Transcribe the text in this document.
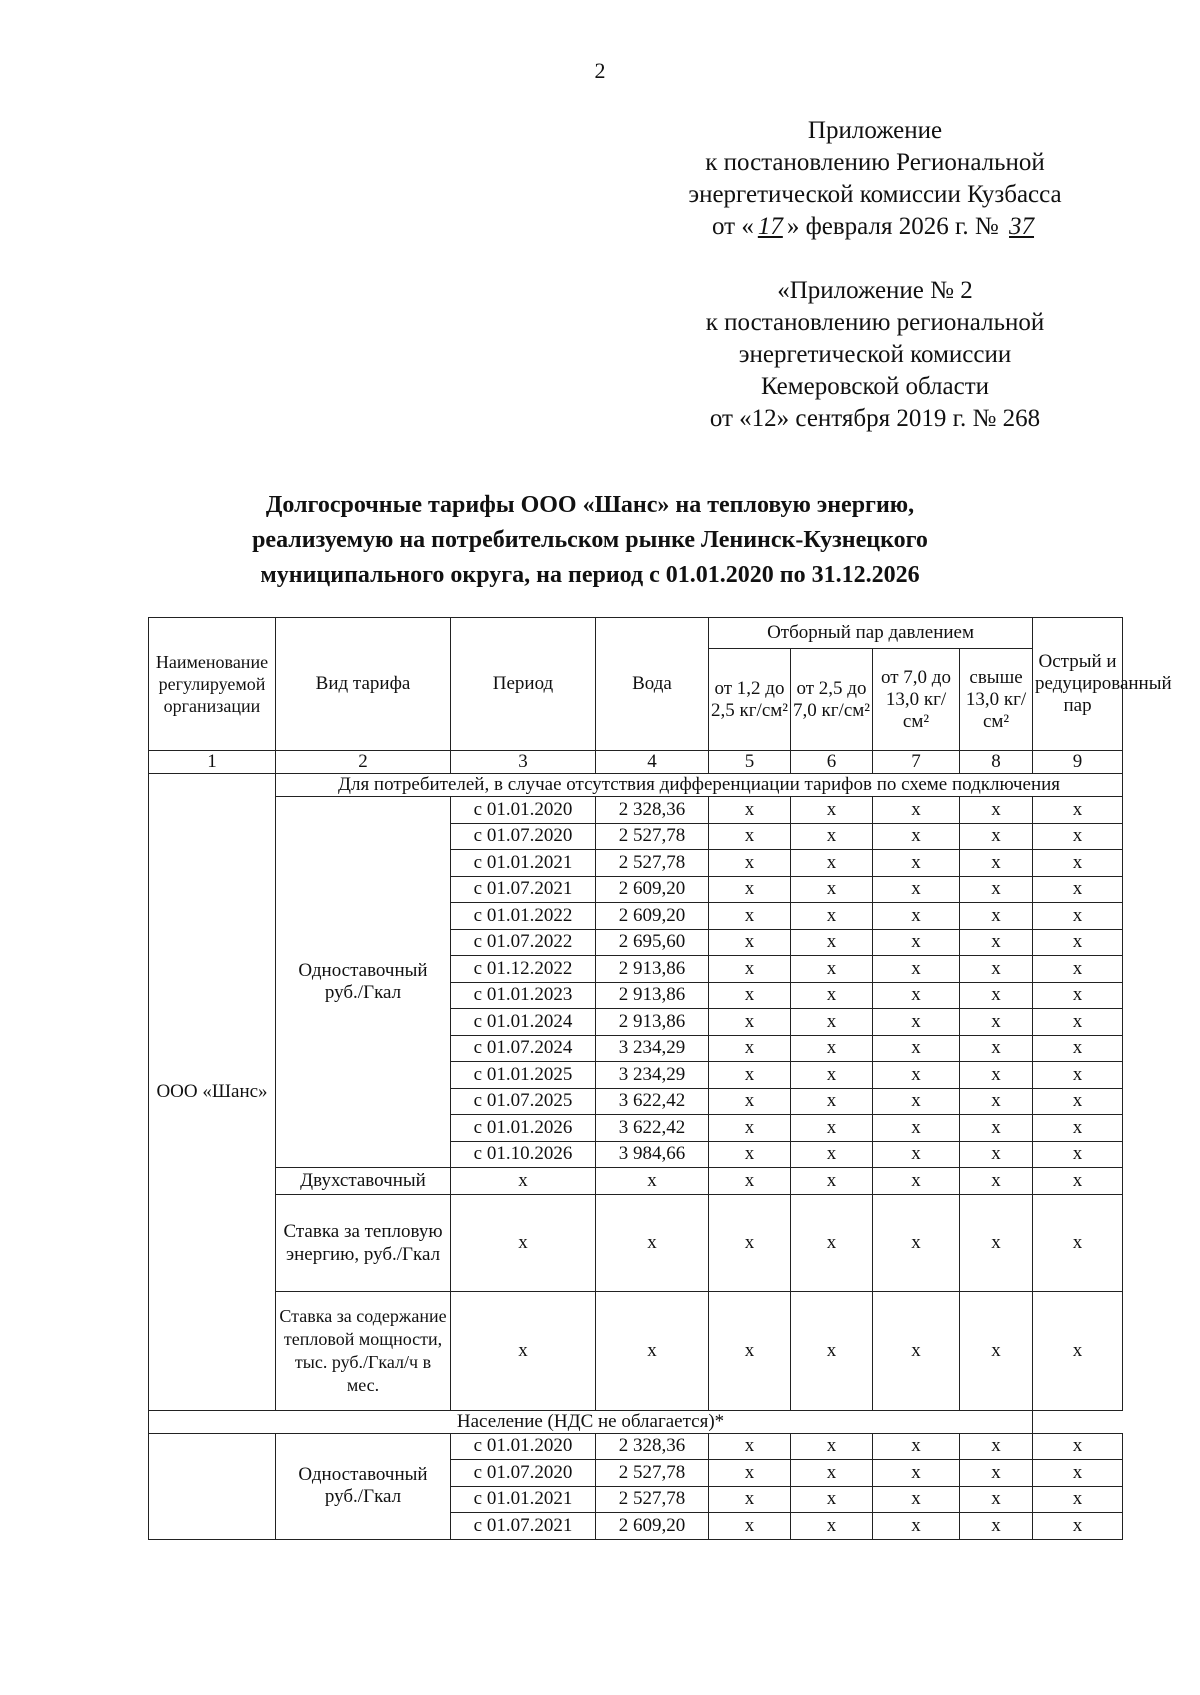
2
Приложение
к постановлению Региональной
энергетической комиссии Кузбасса
от « 17 » февраля 2026 г. № 37
«Приложение № 2
к постановлению региональной
энергетической комиссии
Кемеровской области
от «12» сентября 2019 г. № 268
Долгосрочные тарифы ООО «Шанс» на тепловую энергию,
реализуемую на потребительском рынке Ленинск-Кузнецкого
муниципального округа, на период с 01.01.2020 по 31.12.2026
Наименование регулируемой организации	Вид тарифа	Период	Вода	Отборный пар давлением				Острый и редуцированный пар
				от 1,2 до 2,5 кг/см²	от 2,5 до 7,0 кг/см²	от 7,0 до 13,0 кг/см²	свыше 13,0 кг/см²	
1	2	3	4	5	6	7	8	9
ООО «Шанс»	Для потребителей, в случае отсутствия дифференциации тарифов по схеме подключения							
	Одноставочный руб./Гкал	с 01.01.2020	2 328,36	x	x	x	x	x
		с 01.07.2020	2 527,78	x	x	x	x	x
		с 01.01.2021	2 527,78	x	x	x	x	x
		с 01.07.2021	2 609,20	x	x	x	x	x
		с 01.01.2022	2 609,20	x	x	x	x	x
		с 01.07.2022	2 695,60	x	x	x	x	x
		с 01.12.2022	2 913,86	x	x	x	x	x
		с 01.01.2023	2 913,86	x	x	x	x	x
		с 01.01.2024	2 913,86	x	x	x	x	x
		с 01.07.2024	3 234,29	x	x	x	x	x
		с 01.01.2025	3 234,29	x	x	x	x	x
		с 01.07.2025	3 622,42	x	x	x	x	x
		с 01.01.2026	3 622,42	x	x	x	x	x
		с 01.10.2026	3 984,66	x	x	x	x	x
	Двухставочный	x	x	x	x	x	x	x
	Ставка за тепловую энергию, руб./Гкал	x	x	x	x	x	x	x
	Ставка за содержание тепловой мощности, тыс. руб./Гкал/ч в мес.	x	x	x	x	x	x	x
Население (НДС не облагается)*								
	Одноставочный руб./Гкал	с 01.01.2020	2 328,36	x	x	x	x	x
		с 01.07.2020	2 527,78	x	x	x	x	x
		с 01.01.2021	2 527,78	x	x	x	x	x
		с 01.07.2021	2 609,20	x	x	x	x	x
